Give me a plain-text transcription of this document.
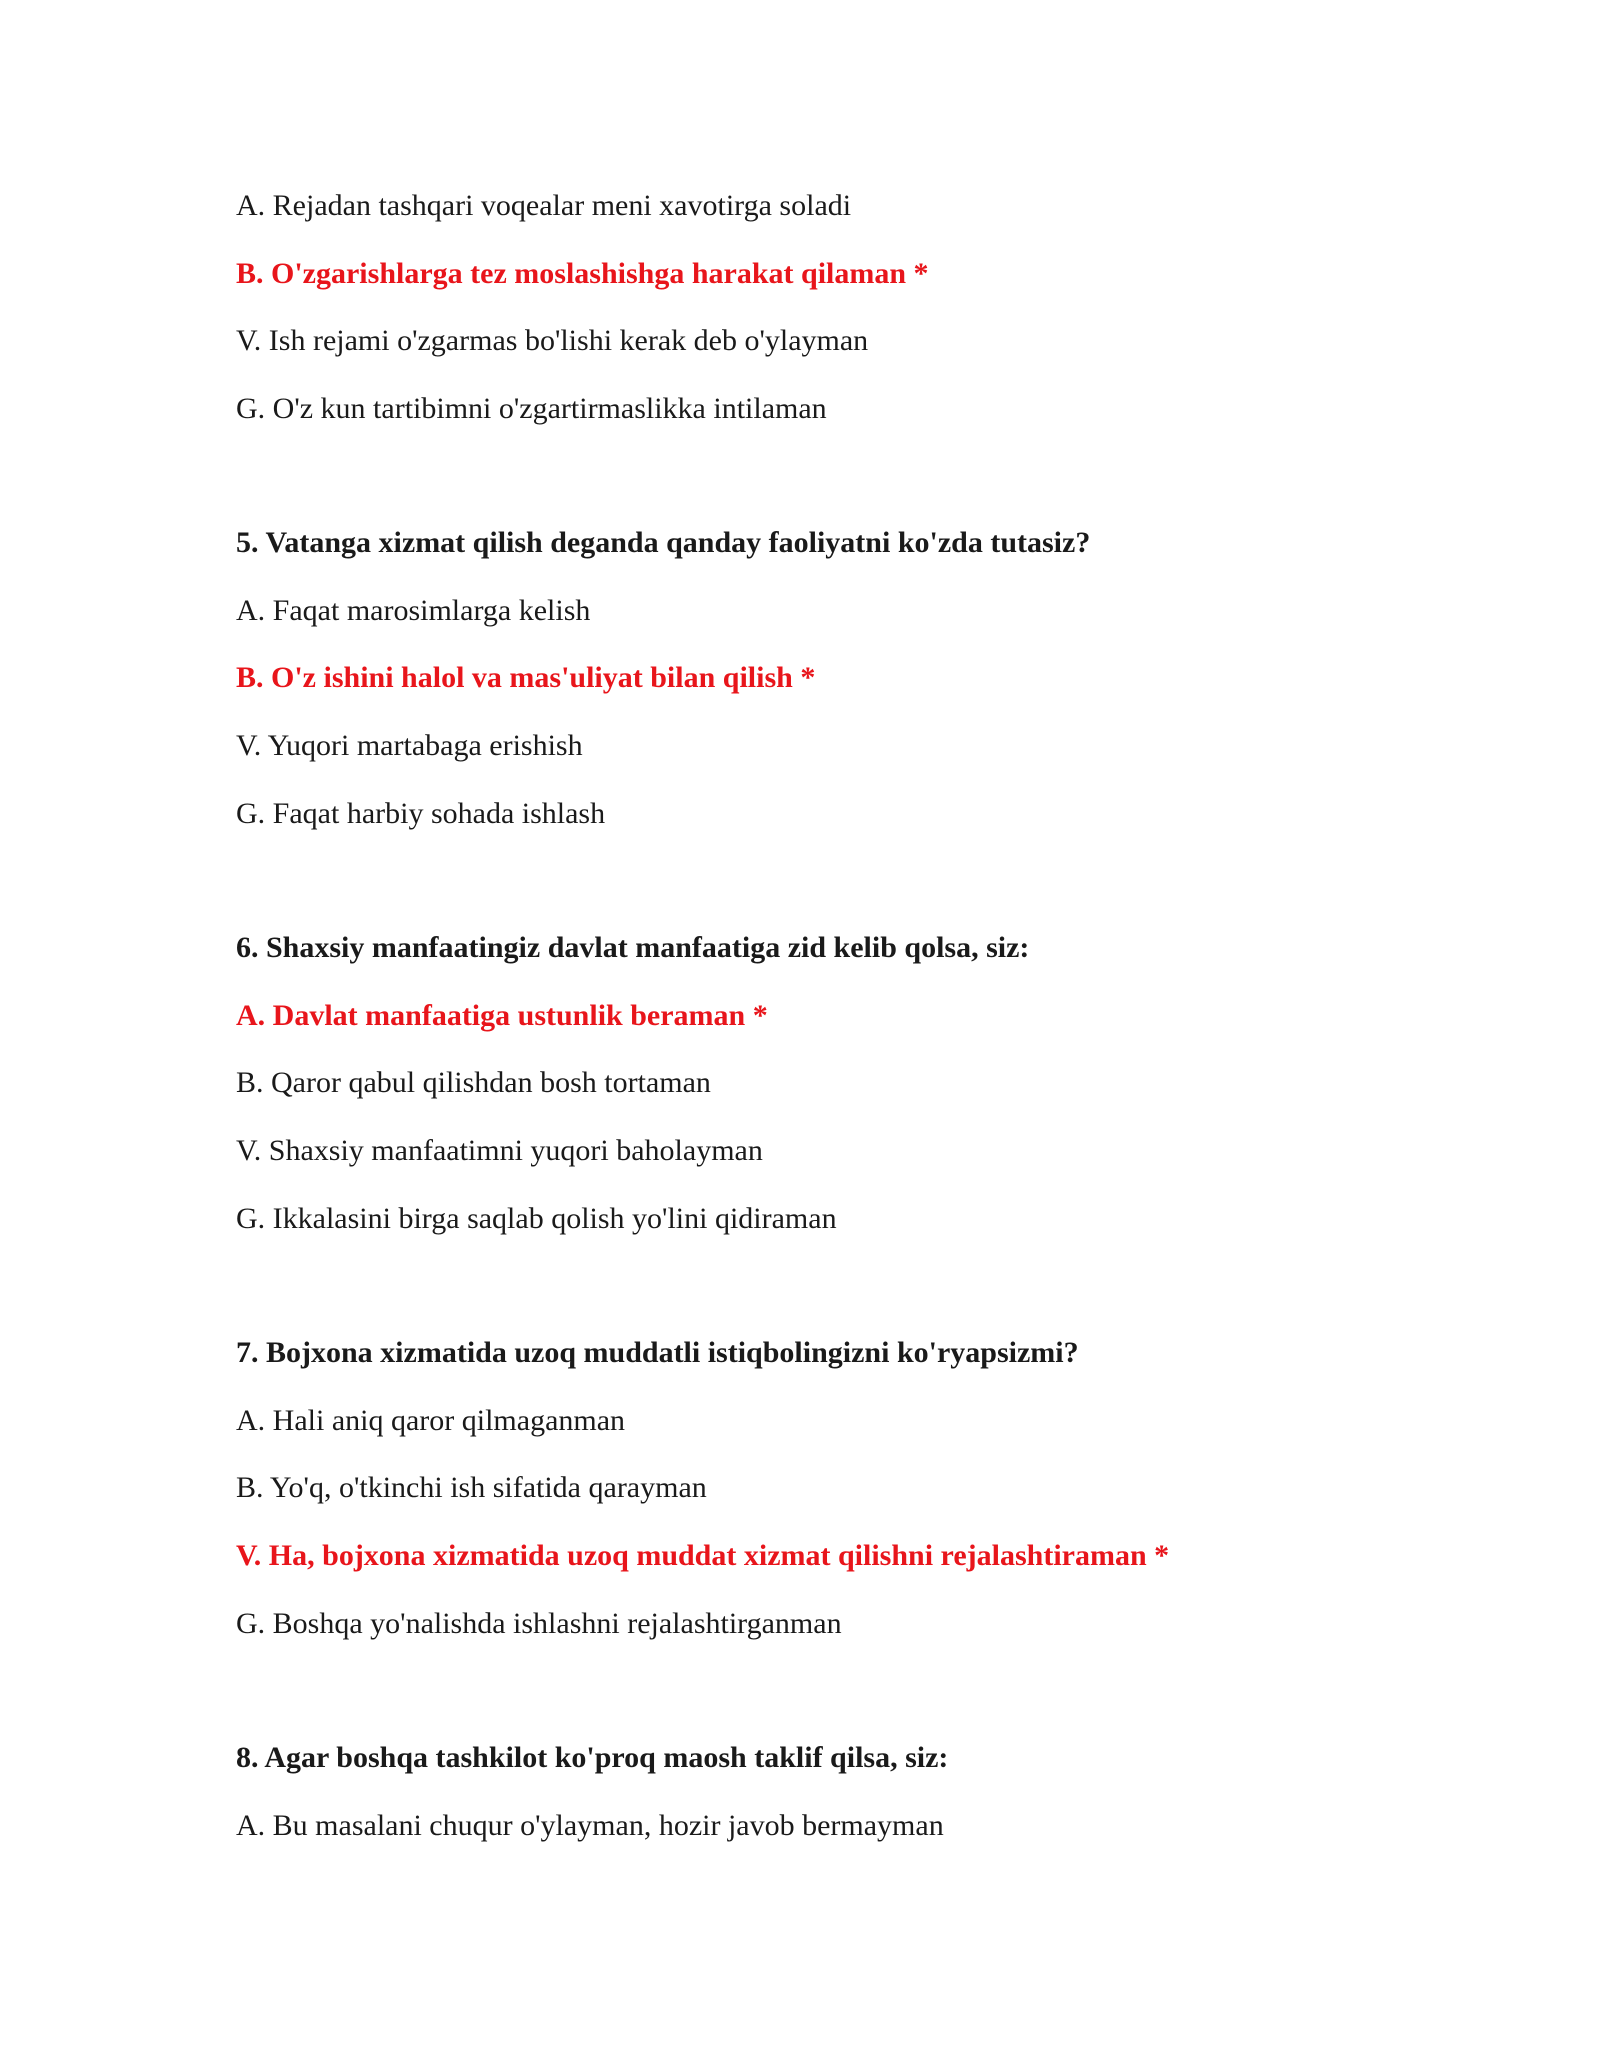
A. Rejadan tashqari voqealar meni xavotirga soladi
B. O'zgarishlarga tez moslashishga harakat qilaman *
V. Ish rejami o'zgarmas bo'lishi kerak deb o'ylayman
G. O'z kun tartibimni o'zgartirmaslikka intilaman
5. Vatanga xizmat qilish deganda qanday faoliyatni ko'zda tutasiz?
A. Faqat marosimlarga kelish
B. O'z ishini halol va mas'uliyat bilan qilish *
V. Yuqori martabaga erishish
G. Faqat harbiy sohada ishlash
6. Shaxsiy manfaatingiz davlat manfaatiga zid kelib qolsa, siz:
A. Davlat manfaatiga ustunlik beraman *
B. Qaror qabul qilishdan bosh tortaman
V. Shaxsiy manfaatimni yuqori baholayman
G. Ikkalasini birga saqlab qolish yo'lini qidiraman
7. Bojxona xizmatida uzoq muddatli istiqbolingizni ko'ryapsizmi?
A. Hali aniq qaror qilmaganman
B. Yo'q, o'tkinchi ish sifatida qarayman
V. Ha, bojxona xizmatida uzoq muddat xizmat qilishni rejalashtiraman *
G. Boshqa yo'nalishda ishlashni rejalashtirganman
8. Agar boshqa tashkilot ko'proq maosh taklif qilsa, siz:
A. Bu masalani chuqur o'ylayman, hozir javob bermayman
